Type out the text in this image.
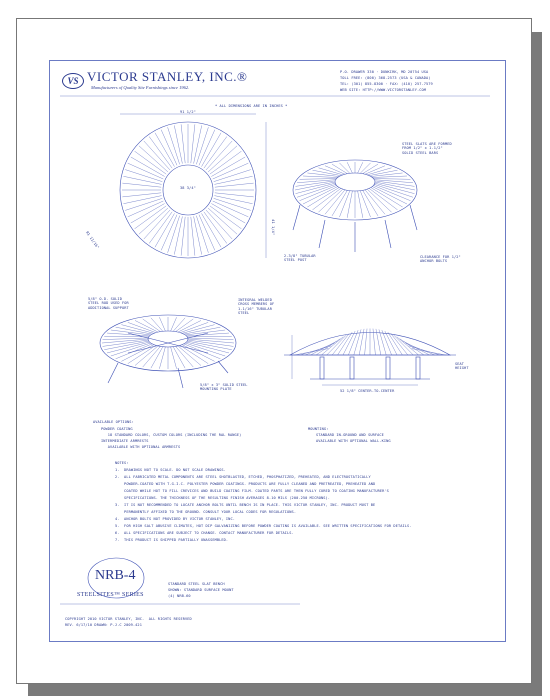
VS VICTOR STANLEY, INC.®
Manufacturers of Quality Site Furnishings since 1962.
P.O. DRAWER 330 · DUNKIRK, MD 20754 USA
TOLL FREE: (800) 368-2573 (USA & CANADA)
TEL: (301) 855-8300 · FAX: (410) 257-7579
WEB SITE: HTTP://WWW.VICTORSTANLEY.COM
* ALL DIMENSIONS ARE IN INCHES *
91 1/2"
38 3/4"
41 1/4"
R1 11/16"
STEEL SLATS ARE FORMED
FROM 1/2" x 1-1/2"
SOLID STEEL BARS
2-3/8" TUBULAR
STEEL POST
CLEARANCE FOR 1/2"
ANCHOR BOLTS
5/8" O.D. SOLID
STEEL ROD USED FOR
ADDITIONAL SUPPORT
INTEGRAL WELDED
CROSS MEMBERS OF
1-1/16" TUBULAR
STEEL
5/8" x 3" SOLID STEEL
MOUNTING PLATE
SEAT
HEIGHT
52 1/8" CENTER-TO-CENTER
AVAILABLE OPTIONS:
POWDER COATING
18 STANDARD COLORS, CUSTOM COLORS (INCLUDING THE RAL RANGE)
INTERMEDIATE ARMRESTS
AVAILABLE WITH OPTIONAL ARMRESTS
MOUNTING:
STANDARD IN-GROUND AND SURFACE
AVAILABLE WITH OPTIONAL WALL-KING
NOTES:
1.  DRAWINGS NOT TO SCALE. DO NOT SCALE DRAWINGS.
2.  ALL FABRICATED METAL COMPONENTS ARE STEEL SHOTBLASTED, ETCHED, PHOSPHATIZED, PREHEATED, AND ELECTROSTATICALLY
POWDER-COATED WITH T.G.I.C. POLYESTER POWDER COATINGS. PRODUCTS ARE FULLY CLEANED AND PRETREATED, PREHEATED AND
COATED WHILE HOT TO FILL CREVICES AND BUILD COATING FILM. COATED PARTS ARE THEN FULLY CURED TO COATING MANUFACTURER'S
SPECIFICATIONS. THE THICKNESS OF THE RESULTING FINISH AVERAGES 8-10 MILS (200-250 MICRONS).
3.  IT IS NOT RECOMMENDED TO LOCATE ANCHOR BOLTS UNTIL BENCH IS IN PLACE. THIS VICTOR STANLEY, INC. PRODUCT MUST BE
PERMANENTLY AFFIXED TO THE GROUND. CONSULT YOUR LOCAL CODES FOR REGULATIONS.
4.  ANCHOR BOLTS NOT PROVIDED BY VICTOR STANLEY, INC.
5.  FOR HIGH SALT ABUSIVE CLIMATES, HOT DIP GALVANIZING BEFORE POWDER COATING IS AVAILABLE. SEE WRITTEN SPECIFICATIONS FOR DETAILS.
6.  ALL SPECIFICATIONS ARE SUBJECT TO CHANGE. CONTACT MANUFACTURER FOR DETAILS.
7.  THIS PRODUCT IS SHIPPED PARTIALLY UNASSEMBLED.
NRB-4
STEELSITES™ SERIES
STANDARD STEEL SLAT BENCH
SHOWN: STANDARD SURFACE MOUNT
(4) NRB-60
COPYRIGHT 2010 VICTOR STANLEY, INC.  ALL RIGHTS RESERVED
REV. 6/17/10 DRAWN: P.J.C 2009-421
